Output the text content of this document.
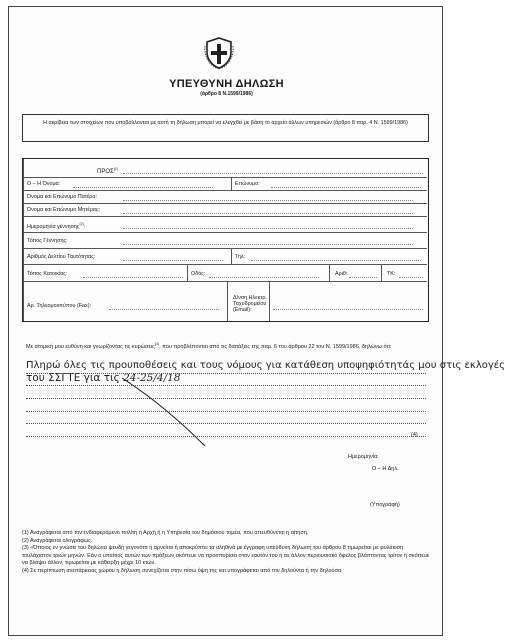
ΥΠΕΥΘΥΝΗ ΔΗΛΩΣΗ
(άρθρο 8 Ν.1599/1986)
Η ακρίβεια των στοιχείων που υποβάλλονται με αυτή τη δήλωση μπορεί να ελεγχθεί με βάση το αρχείο άλλων υπηρεσιών (άρθρο 8 παρ. 4 Ν. 1599/1986)
ΠΡΟΣ$^{(1)}$
Ο – Η Όνομα:	Επώνυμο:
Όνομα και Επώνυμο Πατέρα:
Όνομα και Επώνυμο Μητέρας:
Ημερομηνία γέννησης$^{(2)}$:
Τόπος Γέννησης:
Αριθμός Δελτίου Ταυτότητας:	Τηλ:
Τόπος Κατοικίας:	Οδός:	Αριθ:	ΤΚ:
Αρ. Τηλεομοιοτύπου (Fax):
Δ/νση Ηλεκτρ.
Ταχυδρομείου
(Email):
Με ατομική μου ευθύνη και γνωρίζοντας τις κυρώσεις$^{(3)}$, που προβλέπονται από τις διατάξεις της παρ. 6 του άρθρου 22 του Ν. 1599/1986, δηλώνω ότι:
Πληρώ όλες τις προυποθέσεις και τους νόμους για κατάθεση υποψηφιότητάς μου στις εκλογές
του ΣΣΓΤΕ για τις 24-25/4/18
(4)
Ημερομηνία:
Ο – Η Δηλ.
(Υπογραφή)
(1) Αναγράφεται από τον ενδιαφερόμενο πολίτη ή Αρχή ή η Υπηρεσία του δημόσιου τομέα, που απευθύνεται η αίτηση.
(2) Αναγράφεται ολογράφως.
(3) «Όποιος εν γνώσει του δηλώνει ψευδή γεγονότα ή αρνείται ή αποκρύπτει τα αληθινά με έγγραφη υπεύθυνη δήλωση του άρθρου 8 τιμωρείται με φυλάκιση τουλάχιστον τριών μηνών. Εάν ο υπαίτιος αυτών των πράξεων σκόπευε να προσπορίσει στον εαυτόν του ή σε άλλον περιουσιακό όφελος βλάπτοντας τρίτον ή σκόπευε να βλάψει άλλον, τιμωρείται με κάθειρξη μέχρι 10 ετών.
(4) Σε περίπτωση ανεπάρκειας χώρου η δήλωση συνεχίζεται στην πίσω όψη της και υπογράφεται από τον δηλούντα ή την δηλούσα.
